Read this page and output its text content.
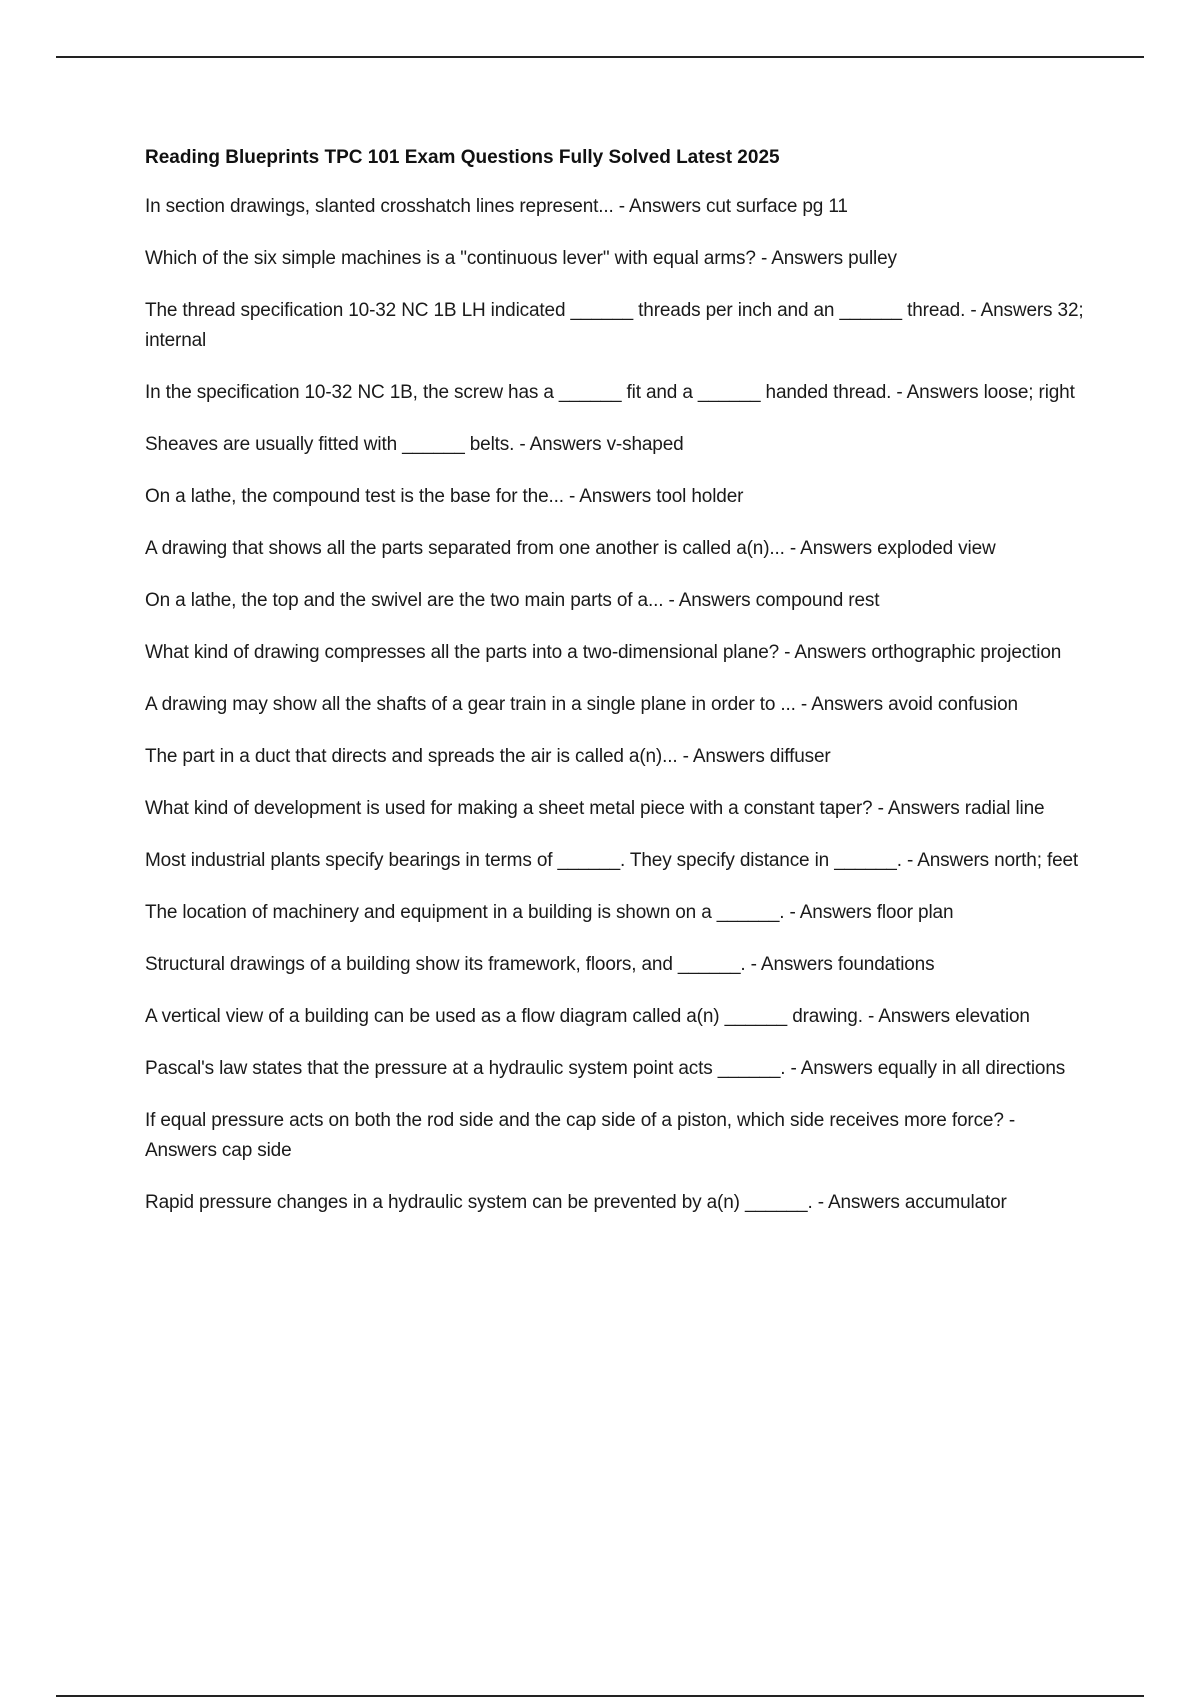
Reading Blueprints TPC 101 Exam Questions Fully Solved Latest 2025
In section drawings, slanted crosshatch lines represent... - Answers cut surface pg 11
Which of the six simple machines is a "continuous lever" with equal arms? - Answers pulley
The thread specification 10-32 NC 1B LH indicated ______ threads per inch and an ______ thread. - Answers 32; internal
In the specification 10-32 NC 1B, the screw has a ______ fit and a ______ handed thread. - Answers loose; right
Sheaves are usually fitted with ______ belts. - Answers v-shaped
On a lathe, the compound test is the base for the... - Answers tool holder
A drawing that shows all the parts separated from one another is called a(n)... - Answers exploded view
On a lathe, the top and the swivel are the two main parts of a... - Answers compound rest
What kind of drawing compresses all the parts into a two-dimensional plane? - Answers orthographic projection
A drawing may show all the shafts of a gear train in a single plane in order to ... - Answers avoid confusion
The part in a duct that directs and spreads the air is called a(n)... - Answers diffuser
What kind of development is used for making a sheet metal piece with a constant taper? - Answers radial line
Most industrial plants specify bearings in terms of ______. They specify distance in ______. - Answers north; feet
The location of machinery and equipment in a building is shown on a ______. - Answers floor plan
Structural drawings of a building show its framework, floors, and ______. - Answers foundations
A vertical view of a building can be used as a flow diagram called a(n) ______ drawing. - Answers elevation
Pascal's law states that the pressure at a hydraulic system point acts ______. - Answers equally in all directions
If equal pressure acts on both the rod side and the cap side of a piston, which side receives more force? - Answers cap side
Rapid pressure changes in a hydraulic system can be prevented by a(n) ______. - Answers accumulator
